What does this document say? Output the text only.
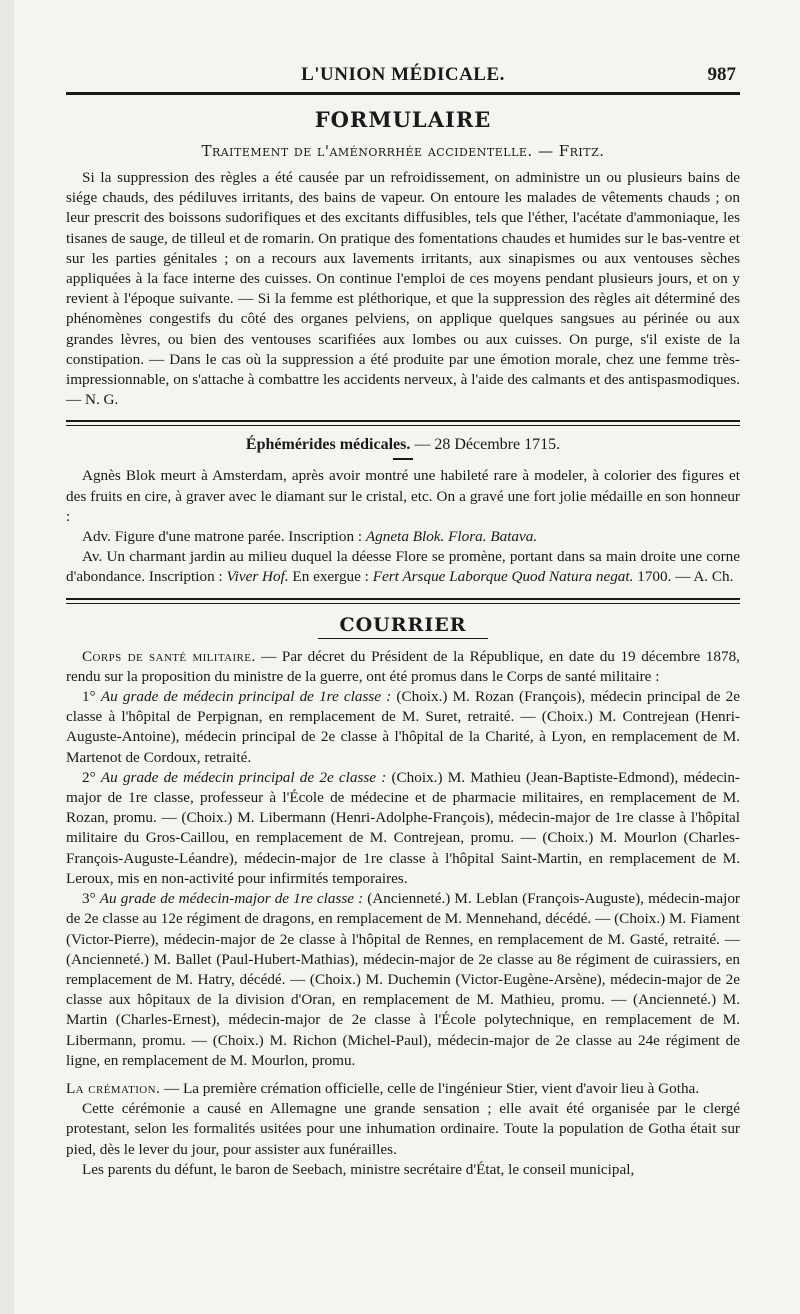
L'UNION MÉDICALE.	987
FORMULAIRE
Traitement de l'aménorrhée accidentelle. — Fritz.

Si la suppression des règles a été causée par un refroidissement, on administre un ou plusieurs bains de siége chauds, des pédiluves irritants, des bains de vapeur. On entoure les malades de vêtements chauds ; on leur prescrit des boissons sudorifiques et des excitants diffusibles, tels que l'éther, l'acétate d'ammoniaque, les tisanes de sauge, de tilleul et de romarin. On pratique des fomentations chaudes et humides sur le bas-ventre et sur les parties génitales ; on a recours aux lavements irritants, aux sinapismes ou aux ventouses sèches appliquées à la face interne des cuisses. On continue l'emploi de ces moyens pendant plusieurs jours, et on y revient à l'époque suivante. — Si la femme est pléthorique, et que la suppression des règles ait déterminé des phénomènes congestifs du côté des organes pelviens, on applique quelques sangsues au périnée ou aux grandes lèvres, ou bien des ventouses scarifiées aux lombes ou aux cuisses. On purge, s'il existe de la constipation. — Dans le cas où la suppression a été produite par une émotion morale, chez une femme très-impressionnable, on s'attache à combattre les accidents nerveux, à l'aide des calmants et des antispasmodiques. — N. G.

Éphémérides médicales. — 28 Décembre 1715.

Agnès Blok meurt à Amsterdam, après avoir montré une habileté rare à modeler, à colorier des figures et des fruits en cire, à graver avec le diamant sur le cristal, etc. On a gravé une fort jolie médaille en son honneur :

Adv. Figure d'une matrone parée. Inscription : Agneta Blok. Flora. Batava.

Av. Un charmant jardin au milieu duquel la déesse Flore se promène, portant dans sa main droite une corne d'abondance. Inscription : Viver Hof. En exergue : Fert Arsque Laborque Quod Natura negat. 1700. — A. Ch.

COURRIER

Corps de santé militaire. — Par décret du Président de la République, en date du 19 décembre 1878, rendu sur la proposition du ministre de la guerre, ont été promus dans le Corps de santé militaire :

1° Au grade de médecin principal de 1re classe : (Choix.) M. Rozan (François), médecin principal de 2e classe à l'hôpital de Perpignan, en remplacement de M. Suret, retraité. — (Choix.) M. Contrejean (Henri-Auguste-Antoine), médecin principal de 2e classe à l'hôpital de la Charité, à Lyon, en remplacement de M. Martenot de Cordoux, retraité.

2° Au grade de médecin principal de 2e classe : (Choix.) M. Mathieu (Jean-Baptiste-Edmond), médecin-major de 1re classe, professeur à l'École de médecine et de pharmacie militaires, en remplacement de M. Rozan, promu. — (Choix.) M. Libermann (Henri-Adolphe-François), médecin-major de 1re classe à l'hôpital militaire du Gros-Caillou, en remplacement de M. Contrejean, promu. — (Choix.) M. Mourlon (Charles-François-Auguste-Léandre), médecin-major de 1re classe à l'hôpital Saint-Martin, en remplacement de M. Leroux, mis en non-activité pour infirmités temporaires.

3° Au grade de médecin-major de 1re classe : (Ancienneté.) M. Leblan (François-Auguste), médecin-major de 2e classe au 12e régiment de dragons, en remplacement de M. Mennehand, décédé. — (Choix.) M. Fiament (Victor-Pierre), médecin-major de 2e classe à l'hôpital de Rennes, en remplacement de M. Gasté, retraité. — (Ancienneté.) M. Ballet (Paul-Hubert-Mathias), médecin-major de 2e classe au 8e régiment de cuirassiers, en remplacement de M. Hatry, décédé. — (Choix.) M. Duchemin (Victor-Eugène-Arsène), médecin-major de 2e classe aux hôpitaux de la division d'Oran, en remplacement de M. Mathieu, promu. — (Ancienneté.) M. Martin (Charles-Ernest), médecin-major de 2e classe à l'École polytechnique, en remplacement de M. Libermann, promu. — (Choix.) M. Richon (Michel-Paul), médecin-major de 2e classe au 24e régiment de ligne, en remplacement de M. Mourlon, promu.

La crémation. — La première crémation officielle, celle de l'ingénieur Stier, vient d'avoir lieu à Gotha.

Cette cérémonie a causé en Allemagne une grande sensation ; elle avait été organisée par le clergé protestant, selon les formalités usitées pour une inhumation ordinaire. Toute la population de Gotha était sur pied, dès le lever du jour, pour assister aux funérailles.

Les parents du défunt, le baron de Seebach, ministre secrétaire d'État, le conseil municipal,
